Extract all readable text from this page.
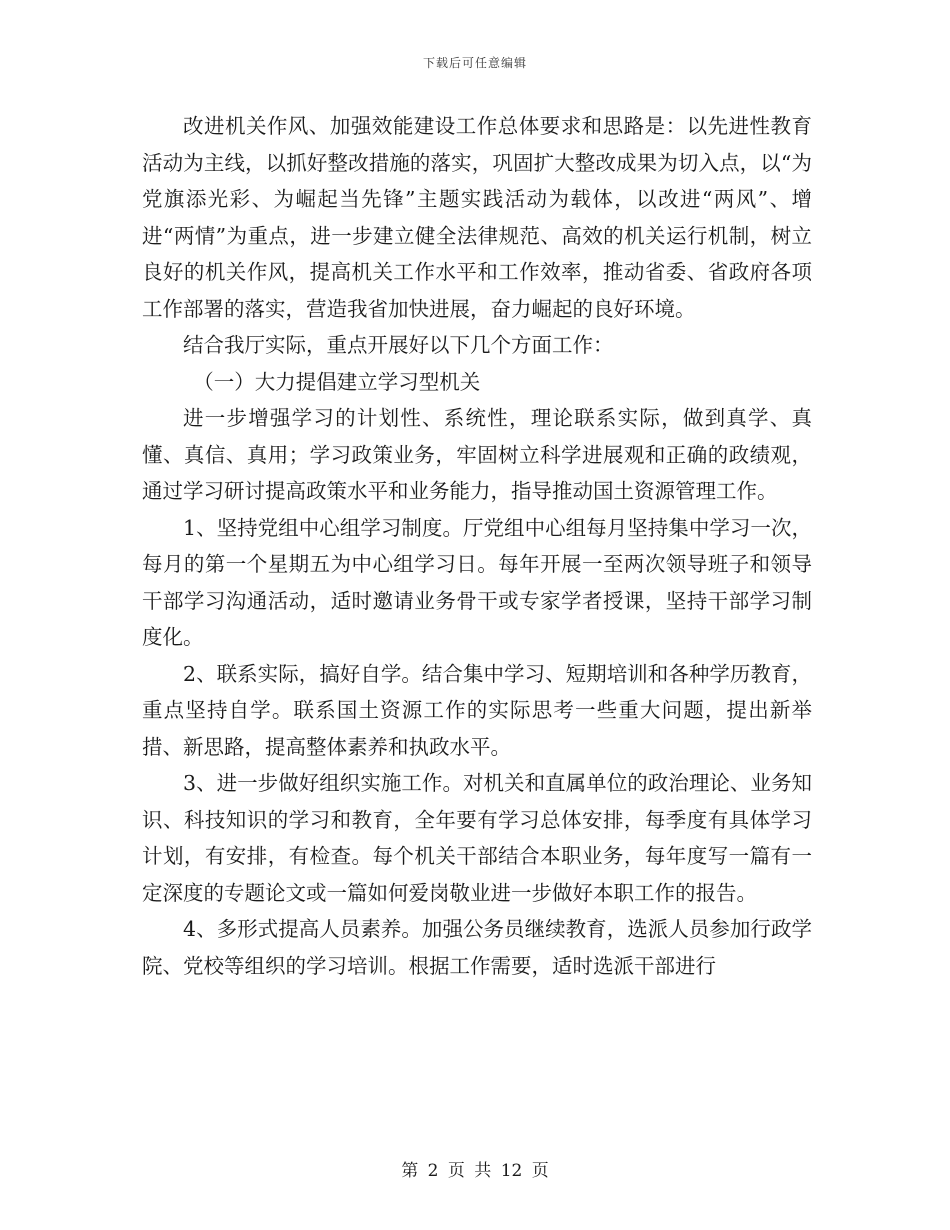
下载后可任意编辑

改进机关作风、加强效能建设工作总体要求和思路是：以先进性教育活动为主线，以抓好整改措施的落实，巩固扩大整改成果为切入点，以“为党旗添光彩、为崛起当先锋”主题实践活动为载体，以改进“两风”、增进“两情”为重点，进一步建立健全法律规范、高效的机关运行机制，树立良好的机关作风，提高机关工作水平和工作效率，推动省委、省政府各项工作部署的落实，营造我省加快进展，奋力崛起的良好环境。

结合我厅实际，重点开展好以下几个方面工作：

（一）大力提倡建立学习型机关

进一步增强学习的计划性、系统性，理论联系实际，做到真学、真懂、真信、真用；学习政策业务，牢固树立科学进展观和正确的政绩观，通过学习研讨提高政策水平和业务能力，指导推动国土资源管理工作。

1、坚持党组中心组学习制度。厅党组中心组每月坚持集中学习一次，每月的第一个星期五为中心组学习日。每年开展一至两次领导班子和领导干部学习沟通活动，适时邀请业务骨干或专家学者授课，坚持干部学习制度化。

2、联系实际，搞好自学。结合集中学习、短期培训和各种学历教育，重点坚持自学。联系国土资源工作的实际思考一些重大问题，提出新举措、新思路，提高整体素养和执政水平。

3、进一步做好组织实施工作。对机关和直属单位的政治理论、业务知识、科技知识的学习和教育，全年要有学习总体安排，每季度有具体学习计划，有安排，有检查。每个机关干部结合本职业务，每年度写一篇有一定深度的专题论文或一篇如何爱岗敬业进一步做好本职工作的报告。

4、多形式提高人员素养。加强公务员继续教育，选派人员参加行政学院、党校等组织的学习培训。根据工作需要，适时选派干部进行

第 2 页 共 12 页
